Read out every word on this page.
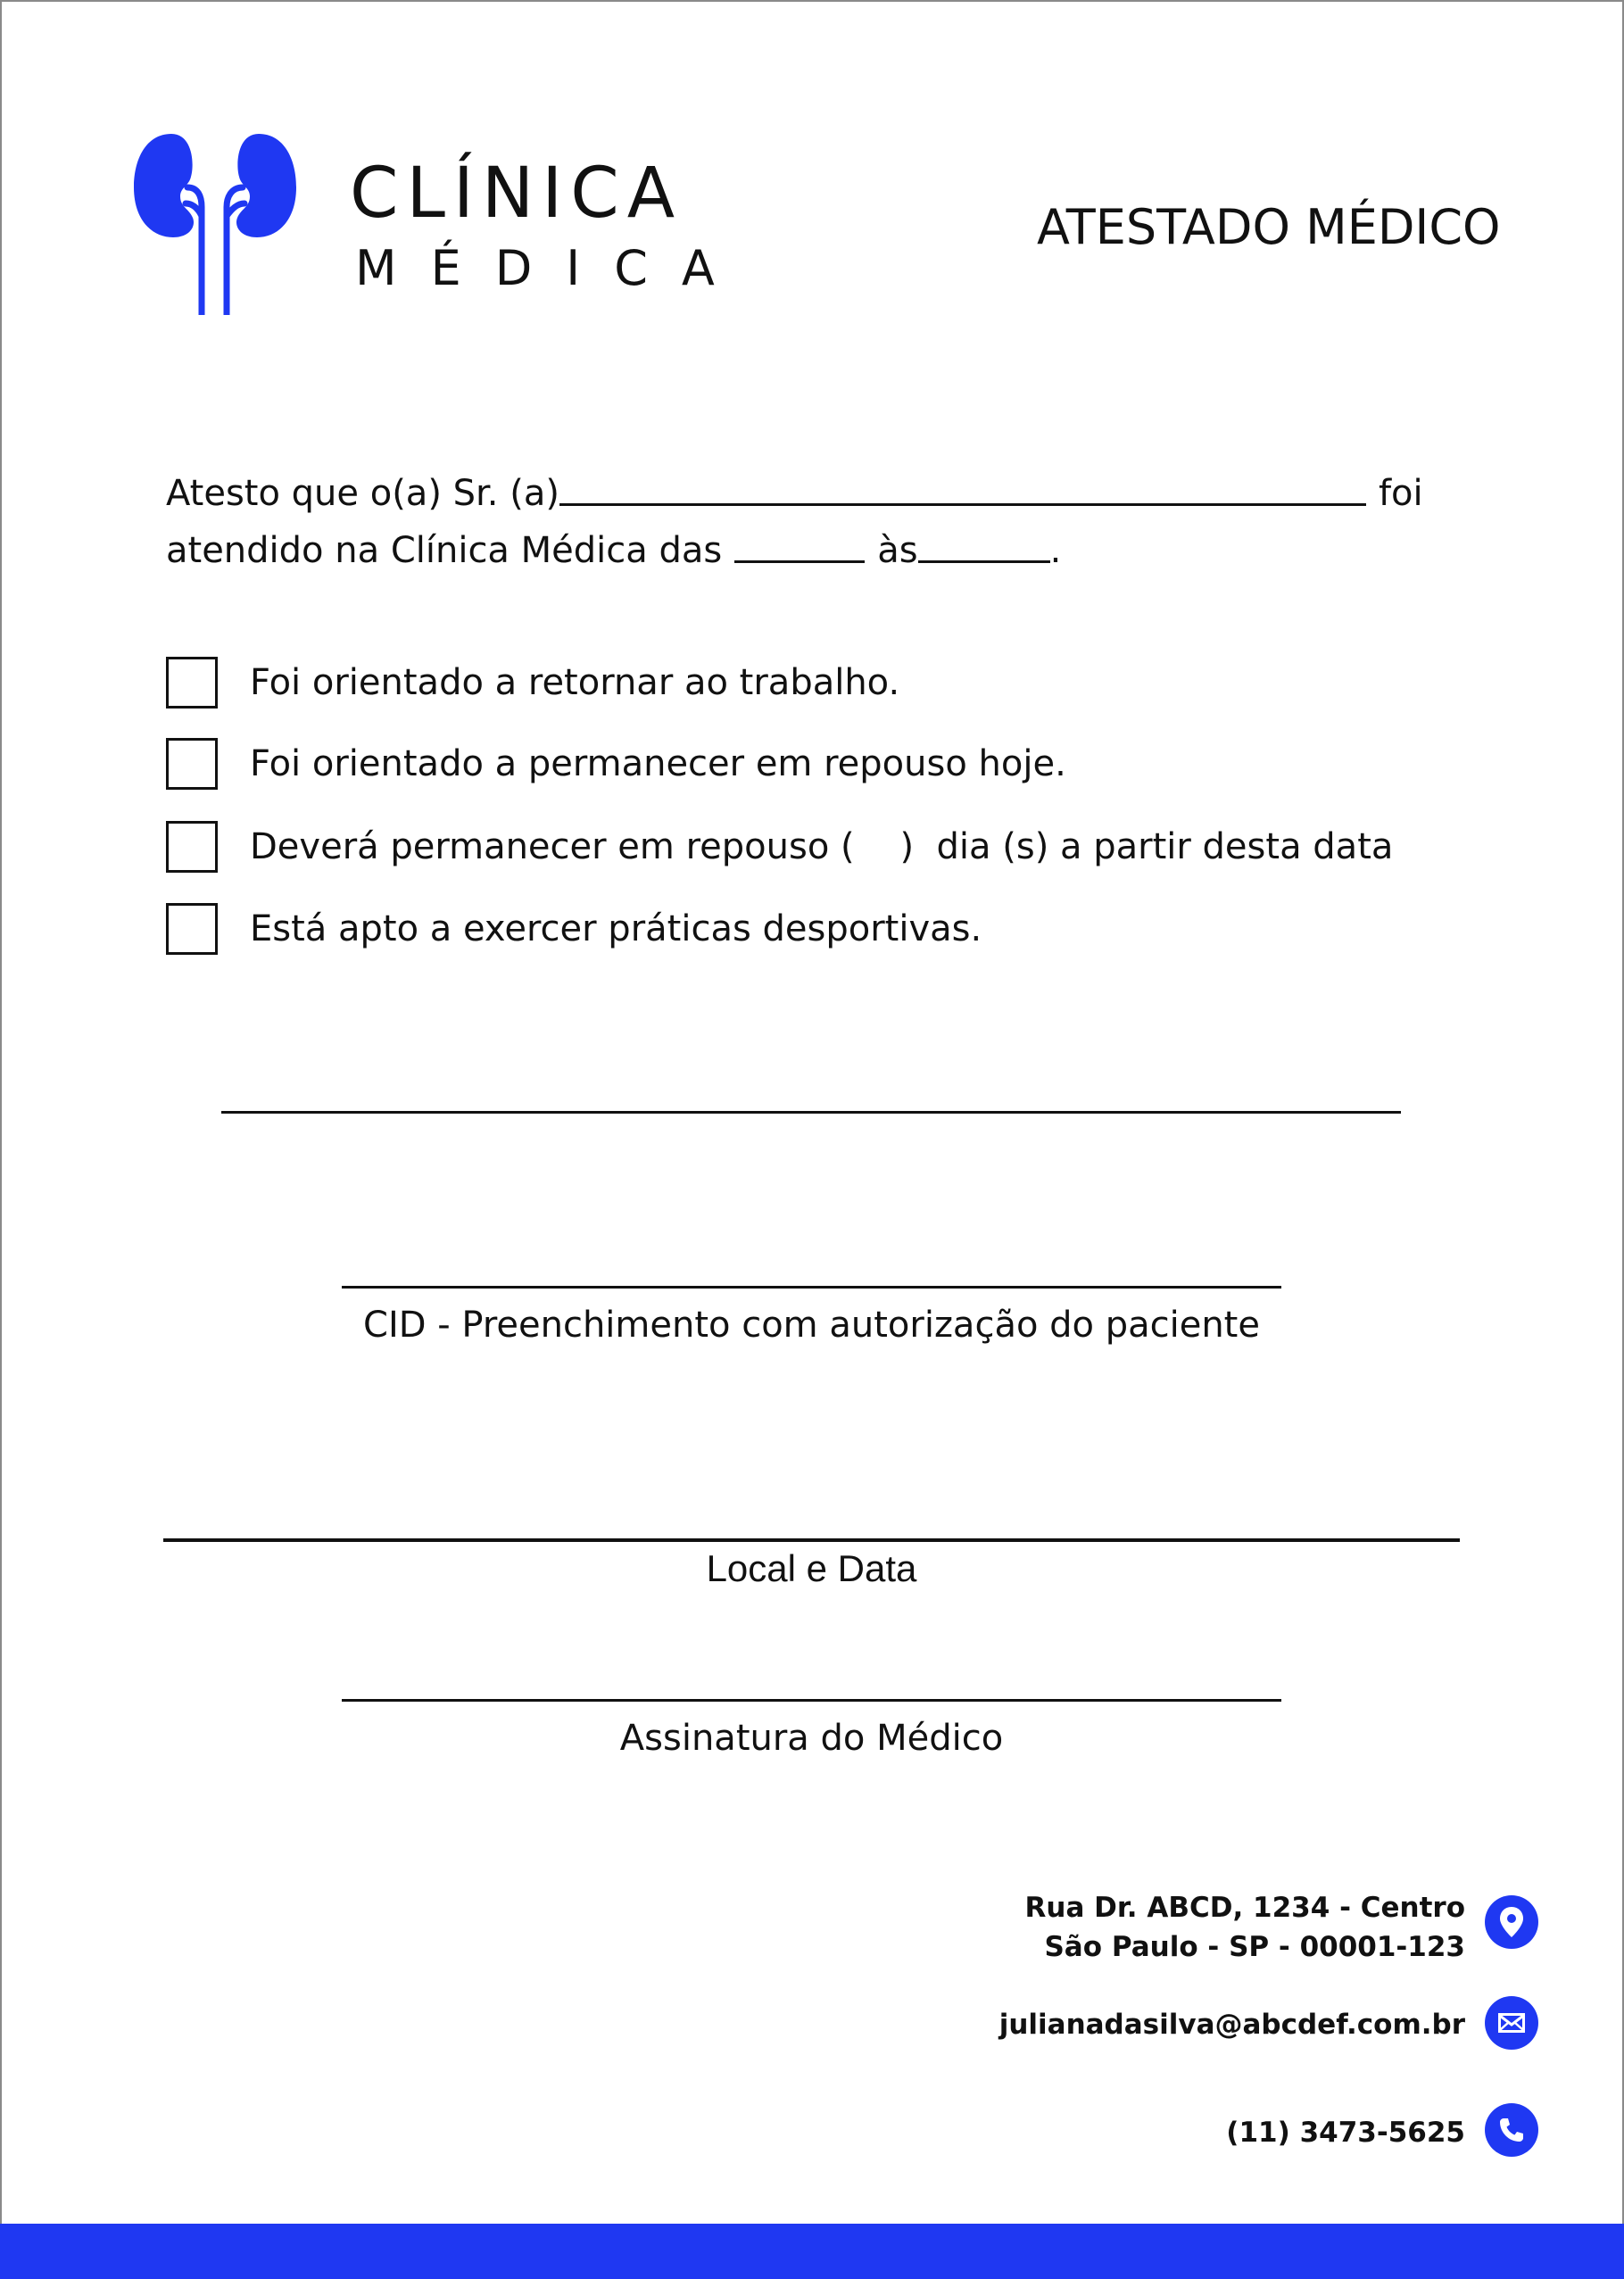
CLÍNICA
MÉDICA
ATESTADO MÉDICO
Atesto que o(a) Sr. (a)	foi
atendido na Clínica Médica das	às	.
Foi orientado a retornar ao trabalho.
Foi orientado a permanecer em repouso hoje.
Deverá permanecer em repouso (    )  dia (s) a partir desta data
Está apto a exercer práticas desportivas.
CID - Preenchimento com autorização do paciente
Local e Data
Assinatura do Médico
Rua Dr. ABCD, 1234 - Centro
São Paulo - SP - 00001-123
julianadasilva@abcdef.com.br
(11) 3473-5625
